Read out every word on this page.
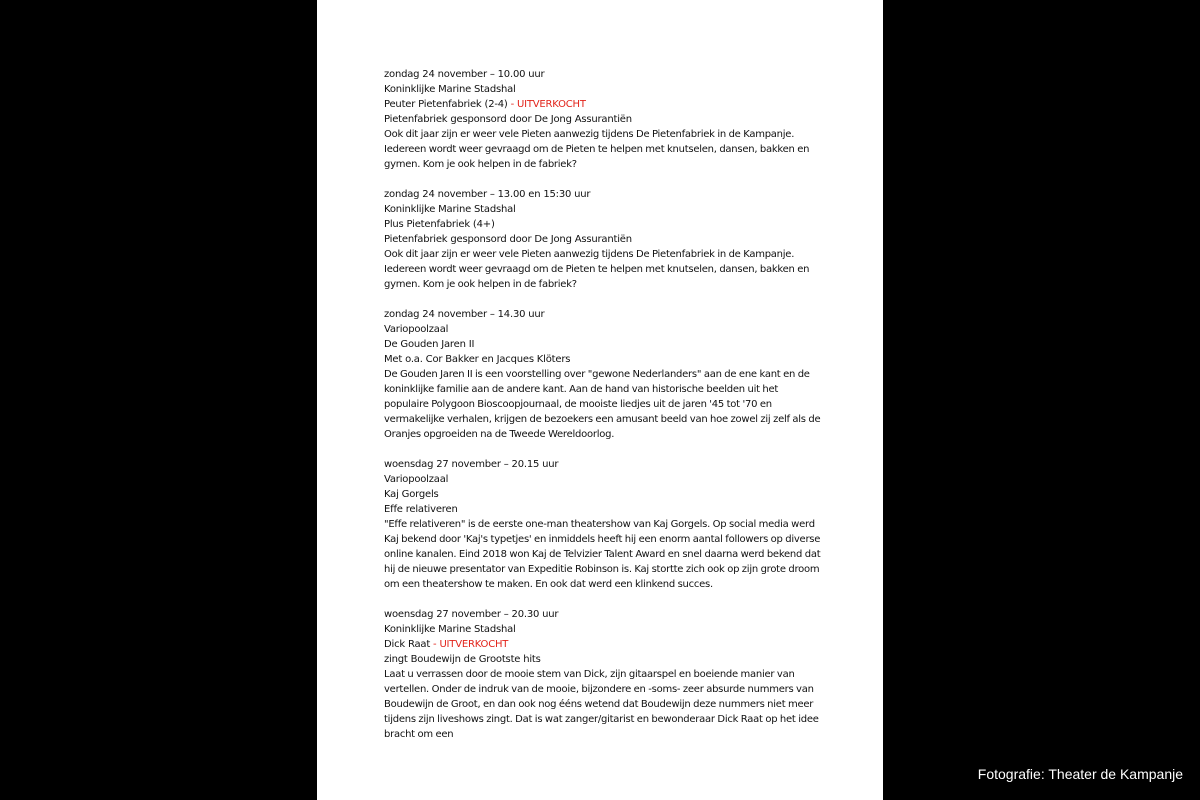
zondag 24 november – 10.00 uur
Koninklijke Marine Stadshal
Peuter Pietenfabriek (2-4) - UITVERKOCHT
Pietenfabriek gesponsord door De Jong Assurantiën
Ook dit jaar zijn er weer vele Pieten aanwezig tijdens De Pietenfabriek in de Kampanje. Iedereen wordt weer gevraagd om de Pieten te helpen met knutselen, dansen, bakken en gymen. Kom je ook helpen in de fabriek?
zondag 24 november – 13.00 en 15:30 uur
Koninklijke Marine Stadshal
Plus Pietenfabriek (4+)
Pietenfabriek gesponsord door De Jong Assurantiën
Ook dit jaar zijn er weer vele Pieten aanwezig tijdens De Pietenfabriek in de Kampanje. Iedereen wordt weer gevraagd om de Pieten te helpen met knutselen, dansen, bakken en gymen. Kom je ook helpen in de fabriek?
zondag 24 november – 14.30 uur
Variopoolzaal
De Gouden Jaren II
Met o.a. Cor Bakker en Jacques Klöters
De Gouden Jaren II is een voorstelling over "gewone Nederlanders" aan de ene kant en de koninklijke familie aan de andere kant. Aan de hand van historische beelden uit het populaire Polygoon Bioscoopjournaal, de mooiste liedjes uit de jaren '45 tot '70 en vermakelijke verhalen, krijgen de bezoekers een amusant beeld van hoe zowel zij zelf als de Oranjes opgroeiden na de Tweede Wereldoorlog.
woensdag 27 november – 20.15 uur
Variopoolzaal
Kaj Gorgels
Effe relativeren
"Effe relativeren" is de eerste one-man theatershow van Kaj Gorgels. Op social media werd Kaj bekend door 'Kaj's typetjes' en inmiddels heeft hij een enorm aantal followers op diverse online kanalen. Eind 2018 won Kaj de Telvizier Talent Award en snel daarna werd bekend dat hij de nieuwe presentator van Expeditie Robinson is. Kaj stortte zich ook op zijn grote droom om een theatershow te maken. En ook dat werd een klinkend succes.
woensdag 27 november – 20.30 uur
Koninklijke Marine Stadshal
Dick Raat - UITVERKOCHT
zingt Boudewijn de Grootste hits
Laat u verrassen door de mooie stem van Dick, zijn gitaarspel en boeiende manier van vertellen. Onder de indruk van de mooie, bijzondere en -soms- zeer absurde nummers van Boudewijn de Groot, en dan ook nog ééns wetend dat Boudewijn deze nummers niet meer tijdens zijn liveshows zingt. Dat is wat zanger/gitarist en bewonderaar Dick Raat op het idee bracht om een
Fotografie: Theater de Kampanje
